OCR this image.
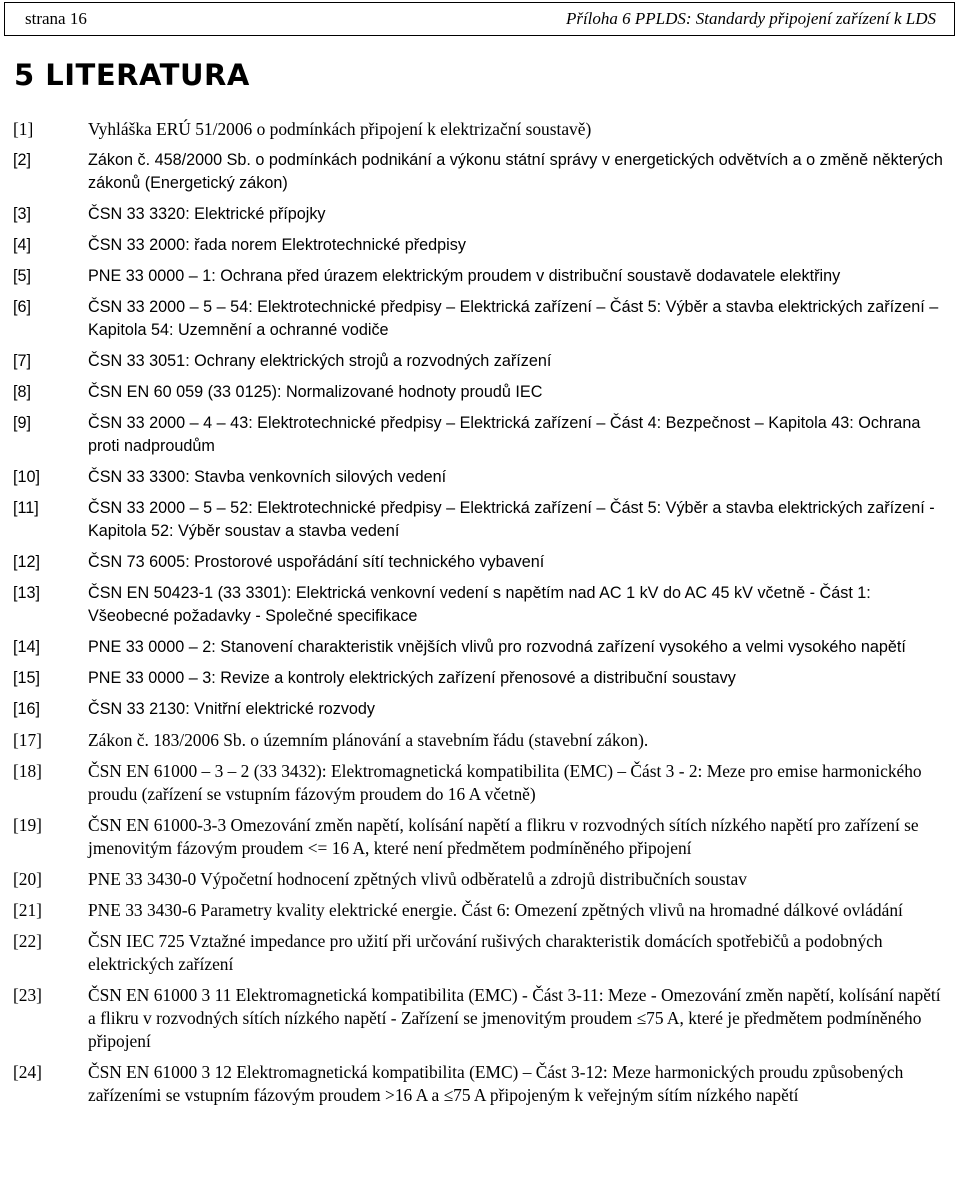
strana 16	Příloha 6 PPLDS: Standardy připojení zařízení k LDS
5 LITERATURA
[1]	Vyhláška ERÚ 51/2006 o podmínkách připojení k elektrizační soustavě)
[2]	Zákon č. 458/2000 Sb. o podmínkách podnikání a výkonu státní správy v energetických odvětvích a o změně některých zákonů (Energetický zákon)
[3]	ČSN 33 3320: Elektrické přípojky
[4]	ČSN 33 2000: řada norem Elektrotechnické předpisy
[5]	PNE 33 0000 – 1: Ochrana před úrazem elektrickým proudem v distribuční soustavě dodavatele elektřiny
[6]	ČSN 33 2000 – 5 – 54: Elektrotechnické předpisy – Elektrická zařízení – Část 5: Výběr a stavba elektrických zařízení – Kapitola 54: Uzemnění a ochranné vodiče
[7]	ČSN 33 3051: Ochrany elektrických strojů a rozvodných zařízení
[8]	ČSN EN 60 059 (33 0125): Normalizované hodnoty proudů IEC
[9]	ČSN 33 2000 – 4 – 43: Elektrotechnické předpisy – Elektrická zařízení – Část 4: Bezpečnost – Kapitola 43: Ochrana proti nadproudům
[10]	ČSN 33 3300: Stavba venkovních silových vedení
[11]	ČSN 33 2000 – 5 – 52: Elektrotechnické předpisy – Elektrická zařízení – Část 5: Výběr a stavba elektrických zařízení - Kapitola 52: Výběr soustav a stavba vedení
[12]	ČSN 73 6005: Prostorové uspořádání sítí technického vybavení
[13]	ČSN EN 50423-1 (33 3301): Elektrická venkovní vedení s napětím nad AC 1 kV do AC 45 kV včetně - Část 1: Všeobecné požadavky - Společné specifikace
[14]	PNE 33 0000 – 2: Stanovení charakteristik vnějších vlivů pro rozvodná zařízení vysokého a velmi vysokého napětí
[15]	PNE 33 0000 – 3: Revize a kontroly elektrických zařízení přenosové a distribuční soustavy
[16]	ČSN 33 2130: Vnitřní elektrické rozvody
[17]	Zákon č. 183/2006 Sb. o územním plánování a stavebním řádu (stavební zákon).
[18]	ČSN EN 61000 – 3 – 2 (33 3432): Elektromagnetická kompatibilita (EMC) – Část 3 - 2: Meze pro emise harmonického proudu (zařízení se vstupním fázovým proudem do 16 A včetně)
[19]	ČSN EN 61000-3-3 Omezování změn napětí, kolísání napětí a flikru v rozvodných sítích nízkého napětí pro zařízení se jmenovitým fázovým proudem <= 16 A, které není předmětem podmíněného připojení
[20]	PNE 33 3430-0 Výpočetní hodnocení zpětných vlivů odběratelů a zdrojů distribučních soustav
[21]	PNE 33 3430-6 Parametry kvality elektrické energie. Část 6: Omezení zpětných vlivů na hromadné dálkové ovládání
[22]	ČSN IEC 725 Vztažné impedance pro užití při určování rušivých charakteristik domácích spotřebičů a podobných elektrických zařízení
[23]	ČSN EN 61000 3 11 Elektromagnetická kompatibilita (EMC) - Část 3-11: Meze - Omezování změn napětí, kolísání napětí a flikru v rozvodných sítích nízkého napětí - Zařízení se jmenovitým proudem ≤75 A, které je předmětem podmíněného připojení
[24]	ČSN EN 61000 3 12 Elektromagnetická kompatibilita (EMC) – Část 3-12: Meze harmonických proudu způsobených zařízeními se vstupním fázovým proudem >16 A a ≤75 A připojeným k veřejným sítím nízkého napětí
